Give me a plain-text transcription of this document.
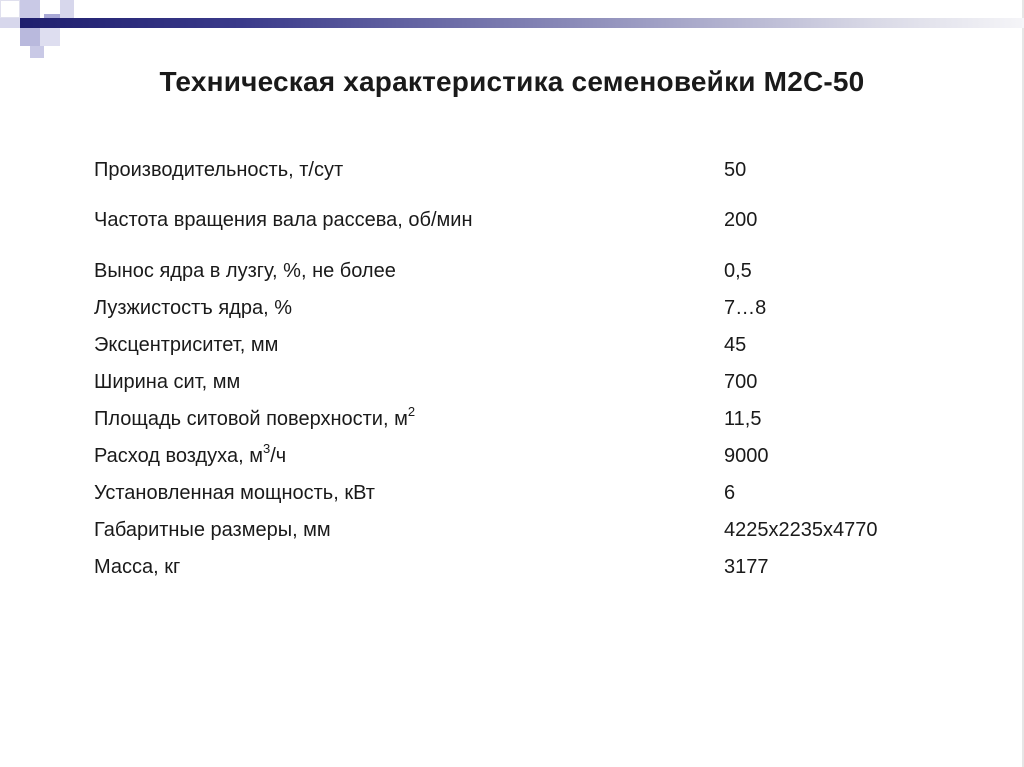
Техническая характеристика семеновейки М2С-50
Производительность, т/сут	50
Частота вращения вала рассева, об/мин	200
Вынос ядра в лузгу, %, не более	0,5
Лузжистостъ ядра, %	7…8
Эксцентриситет, мм	45
Ширина сит, мм	700
Площадь ситовой поверхности, $м^2$	11,5
Расход воздуха, $м^3/ч$	9000
Установленная мощность, кВт	6
Габаритные размеры, мм	4225х2235х4770
Масса, кг	3177
